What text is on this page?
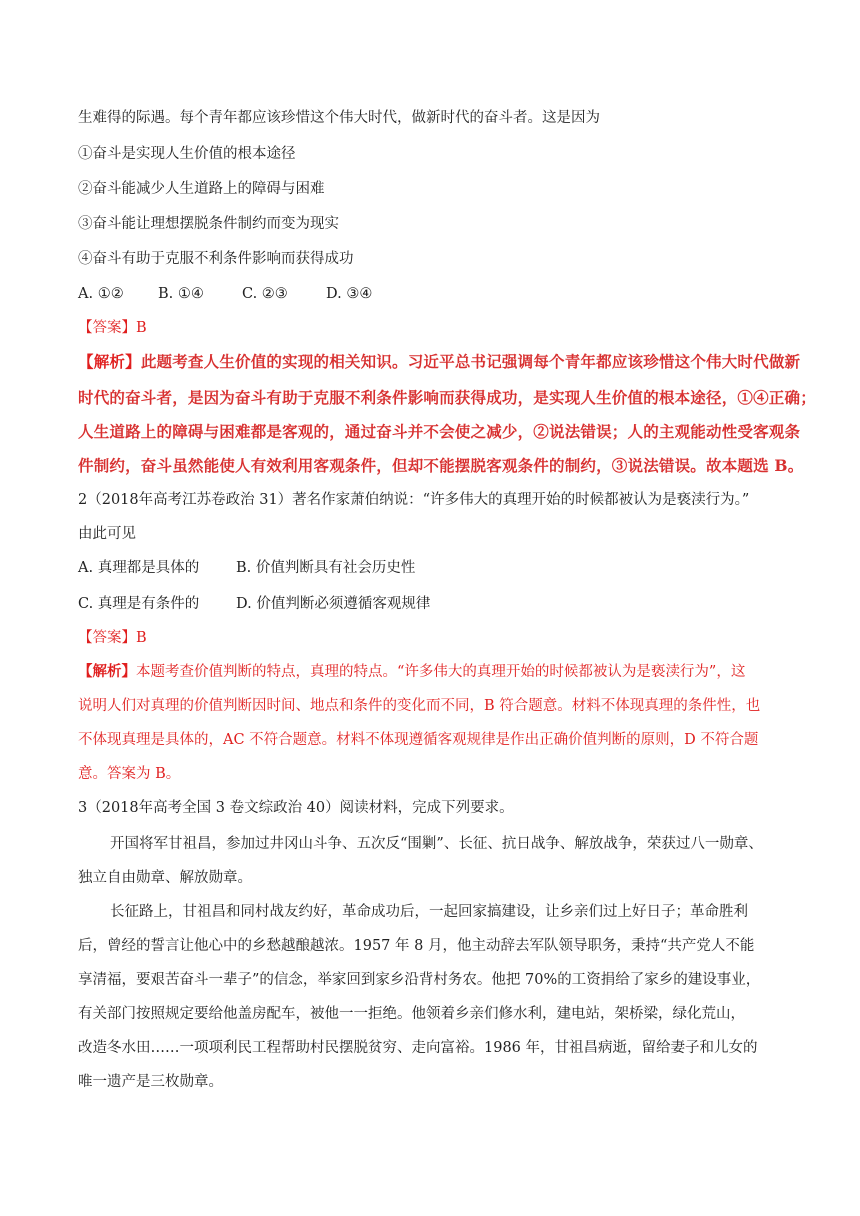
生难得的际遇。每个青年都应该珍惜这个伟大时代，做新时代的奋斗者。这是因为
①奋斗是实现人生价值的根本途径
②奋斗能减少人生道路上的障碍与困难
③奋斗能让理想摆脱条件制约而变为现实
④奋斗有助于克服不利条件影响而获得成功
A. ①② B. ①④	C. ②③	D. ③④
【答案】B
【解析】此题考查人生价值的实现的相关知识。习近平总书记强调每个青年都应该珍惜这个伟大时代做新
时代的奋斗者，是因为奋斗有助于克服不利条件影响而获得成功，是实现人生价值的根本途径，①④正确；
人生道路上的障碍与困难都是客观的，通过奋斗并不会使之减少，②说法错误；人的主观能动性受客观条
件制约，奋斗虽然能使人有效利用客观条件，但却不能摆脱客观条件的制约，③说法错误。故本题选 B。
2（2018年高考江苏卷政治 31）著名作家萧伯纳说：“许多伟大的真理开始的时候都被认为是亵渎行为。”
由此可见
A. 真理都是具体的	B. 价值判断具有社会历史性
C. 真理是有条件的	D. 价值判断必须遵循客观规律
【答案】B
【解析】本题考查价值判断的特点，真理的特点。“许多伟大的真理开始的时候都被认为是亵渎行为”，这
说明人们对真理的价值判断因时间、地点和条件的变化而不同，B 符合题意。材料不体现真理的条件性，也
不体现真理是具体的，AC 不符合题意。材料不体现遵循客观规律是作出正确价值判断的原则，D 不符合题
意。答案为 B。
3（2018年高考全国 3 卷文综政治 40）阅读材料，完成下列要求。
开国将军甘祖昌，参加过井冈山斗争、五次反“围剿”、长征、抗日战争、解放战争，荣获过八一勋章、
独立自由勋章、解放勋章。
长征路上，甘祖昌和同村战友约好，革命成功后，一起回家搞建设，让乡亲们过上好日子；革命胜利
后，曾经的誓言让他心中的乡愁越酿越浓。1957 年 8 月，他主动辞去军队领导职务，秉持“共产党人不能
享清福，要艰苦奋斗一辈子”的信念，举家回到家乡沿背村务农。他把 70%的工资捐给了家乡的建设事业，
有关部门按照规定要给他盖房配车，被他一一拒绝。他领着乡亲们修水利，建电站，架桥梁，绿化荒山，
改造冬水田……一项项利民工程帮助村民摆脱贫穷、走向富裕。1986 年，甘祖昌病逝，留给妻子和儿女的
唯一遗产是三枚勋章。
